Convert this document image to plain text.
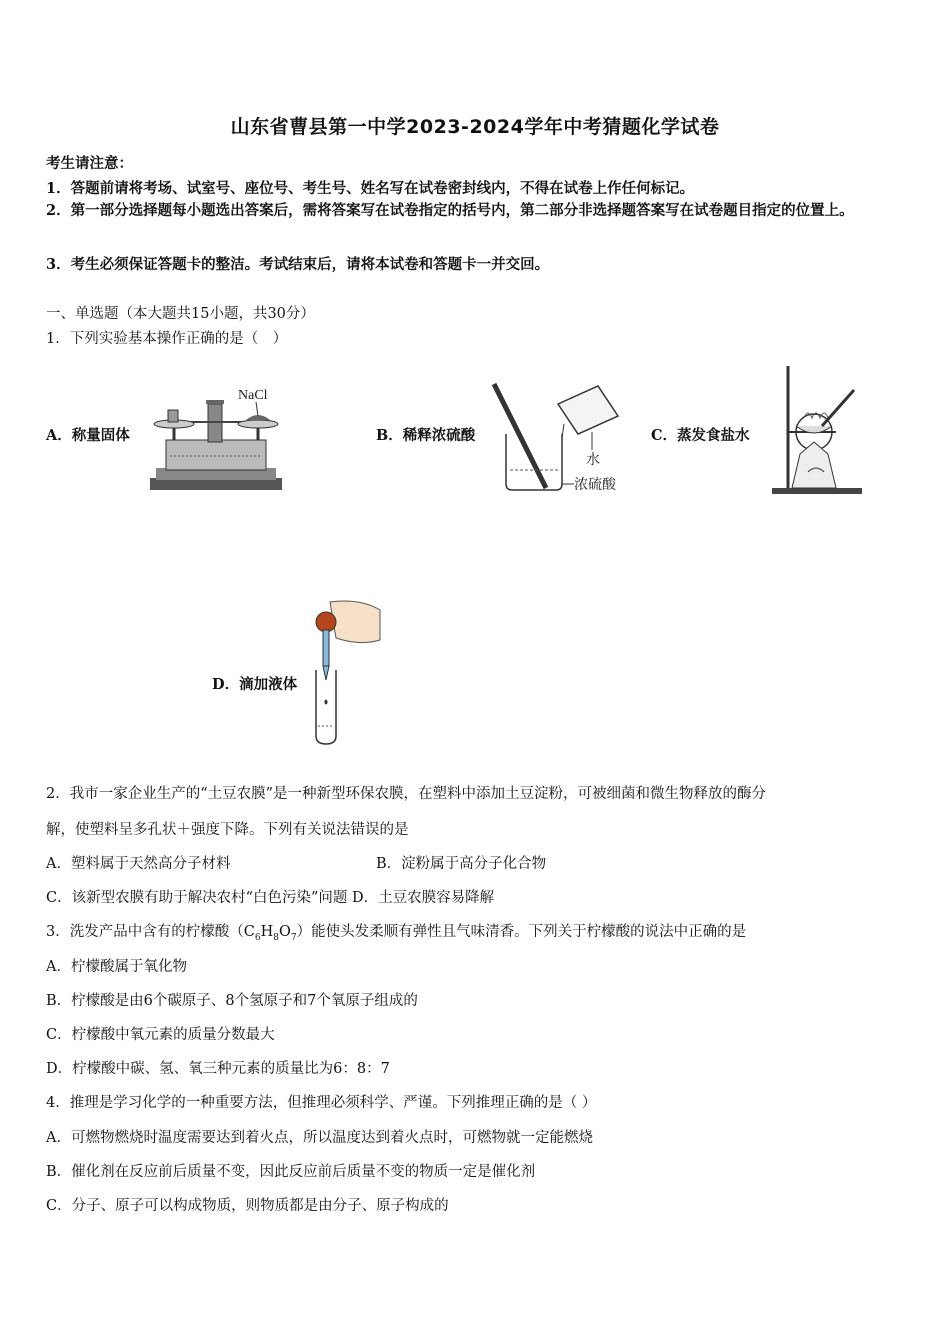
山东省曹县第一中学2023-2024学年中考猜题化学试卷
考生请注意：
1．答题前请将考场、试室号、座位号、考生号、姓名写在试卷密封线内，不得在试卷上作任何标记。
2．第一部分选择题每小题选出答案后，需将答案写在试卷指定的括号内，第二部分非选择题答案写在试卷题目指定的位置上。
3．考生必须保证答题卡的整洁。考试结束后，请将本试卷和答题卡一并交回。
一、单选题（本大题共15小题，共30分）
1．下列实验基本操作正确的是（　）
A．称量固体
NaCl
B．稀释浓硫酸
水
浓硫酸
C．蒸发食盐水
D．滴加液体
2．我市一家企业生产的“土豆农膜”是一种新型环保农膜，在塑料中添加土豆淀粉，可被细菌和微生物释放的酶分
解，使塑料呈多孔状＋强度下降。下列有关说法错误的是
A．塑料属于天然高分子材料	B．淀粉属于高分子化合物
C．该新型农膜有助于解决农村“白色污染”问题 D．土豆农膜容易降解
3．洗发产品中含有的柠檬酸$(C_6H_8O_7)$能使头发柔顺有弹性且气味清香。下列关于柠檬酸的说法中正确的是
A．柠檬酸属于氧化物
B．柠檬酸是由6个碳原子、8个氢原子和7个氧原子组成的
C．柠檬酸中氧元素的质量分数最大
D．柠檬酸中碳、氢、氧三种元素的质量比为6：8：7
4．推理是学习化学的一种重要方法，但推理必须科学、严谨。下列推理正确的是（ ）
A．可燃物燃烧时温度需要达到着火点，所以温度达到着火点时，可燃物就一定能燃烧
B．催化剂在反应前后质量不变，因此反应前后质量不变的物质一定是催化剂
C．分子、原子可以构成物质，则物质都是由分子、原子构成的
